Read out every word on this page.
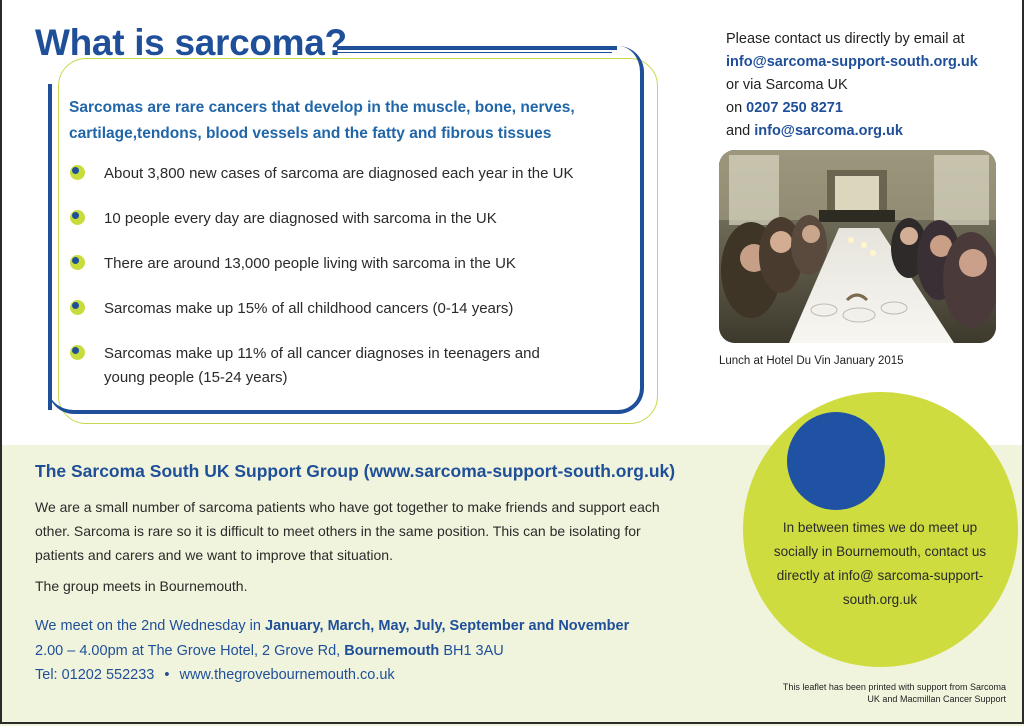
What is sarcoma?

Sarcomas are rare cancers that develop in the muscle, bone, nerves, cartilage,tendons, blood vessels and the fatty and fibrous tissues

About 3,800 new cases of sarcoma are diagnosed each year in the UK
10 people every day are diagnosed with sarcoma in the UK
There are around 13,000 people living with sarcoma in the UK
Sarcomas make up 15% of all childhood cancers (0-14 years)
Sarcomas make up 11% of all cancer diagnoses in teenagers and young people (15-24 years)
Please contact us directly by email at
info@sarcoma-support-south.org.uk
or via Sarcoma UK
on 0207 250 8271
and info@sarcoma.org.uk
Lunch at Hotel Du Vin January 2015
In between times we do meet up socially in Bournemouth, contact us directly at info@ sarcoma-support-south.org.uk
The Sarcoma South UK Support Group (www.sarcoma-support-south.org.uk)
We are a small number of sarcoma patients who have got together to make friends and support each other. Sarcoma is rare so it is difficult to meet others in the same position. This can be isolating for patients and carers and we want to improve that situation.
The group meets in Bournemouth.
We meet on the 2nd Wednesday in January, March, May, July, September and November
2.00 – 4.00pm at The Grove Hotel, 2 Grove Rd, Bournemouth BH1 3AU
Tel: 01202 552233 • www.thegrovebournemouth.co.uk
This leaflet has been printed with support from Sarcoma UK and Macmillan Cancer Support
